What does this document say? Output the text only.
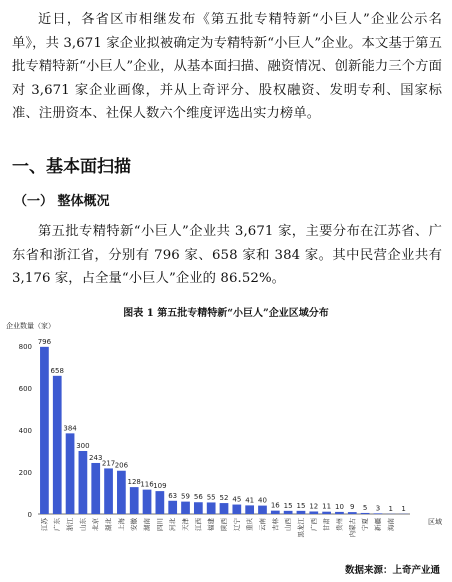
近日，各省区市相继发布《第五批专精特新“小巨人”企业公示名单》，共 3,671 家企业拟被确定为专精特新“小巨人”企业。本文基于第五批专精特新“小巨人”企业，从基本面扫描、融资情况、创新能力三个方面对 3,671 家企业画像，并从上奇评分、股权融资、发明专利、国家标准、注册资本、社保人数六个维度评选出实力榜单。
一、基本面扫描
（一） 整体概况
第五批专精特新“小巨人”企业共 3,671 家，主要分布在江苏省、广东省和浙江省，分别有 796 家、658 家和 384 家。其中民营企业共有 3,176 家，占全量“小巨人”企业的 86.52%。
图表 1 第五批专精特新“小巨人”企业区域分布
企业数量（家）
0
200
400
600
800
区域
796
江苏
658
广东
384
浙江
300
山东
243
北京
217
湖北
206
上海
128
安徽
116
湖南
109
四川
63
河北
59
天津
56
江西
55
福建
52
陕西
45
辽宁
41
重庆
40
云南
16
吉林
15
山西
15
黑龙江
12
广西
11
甘肃
10
贵州
9
内蒙古
5
宁夏
3
新疆
1
海南
1
数据来源：上奇产业通
